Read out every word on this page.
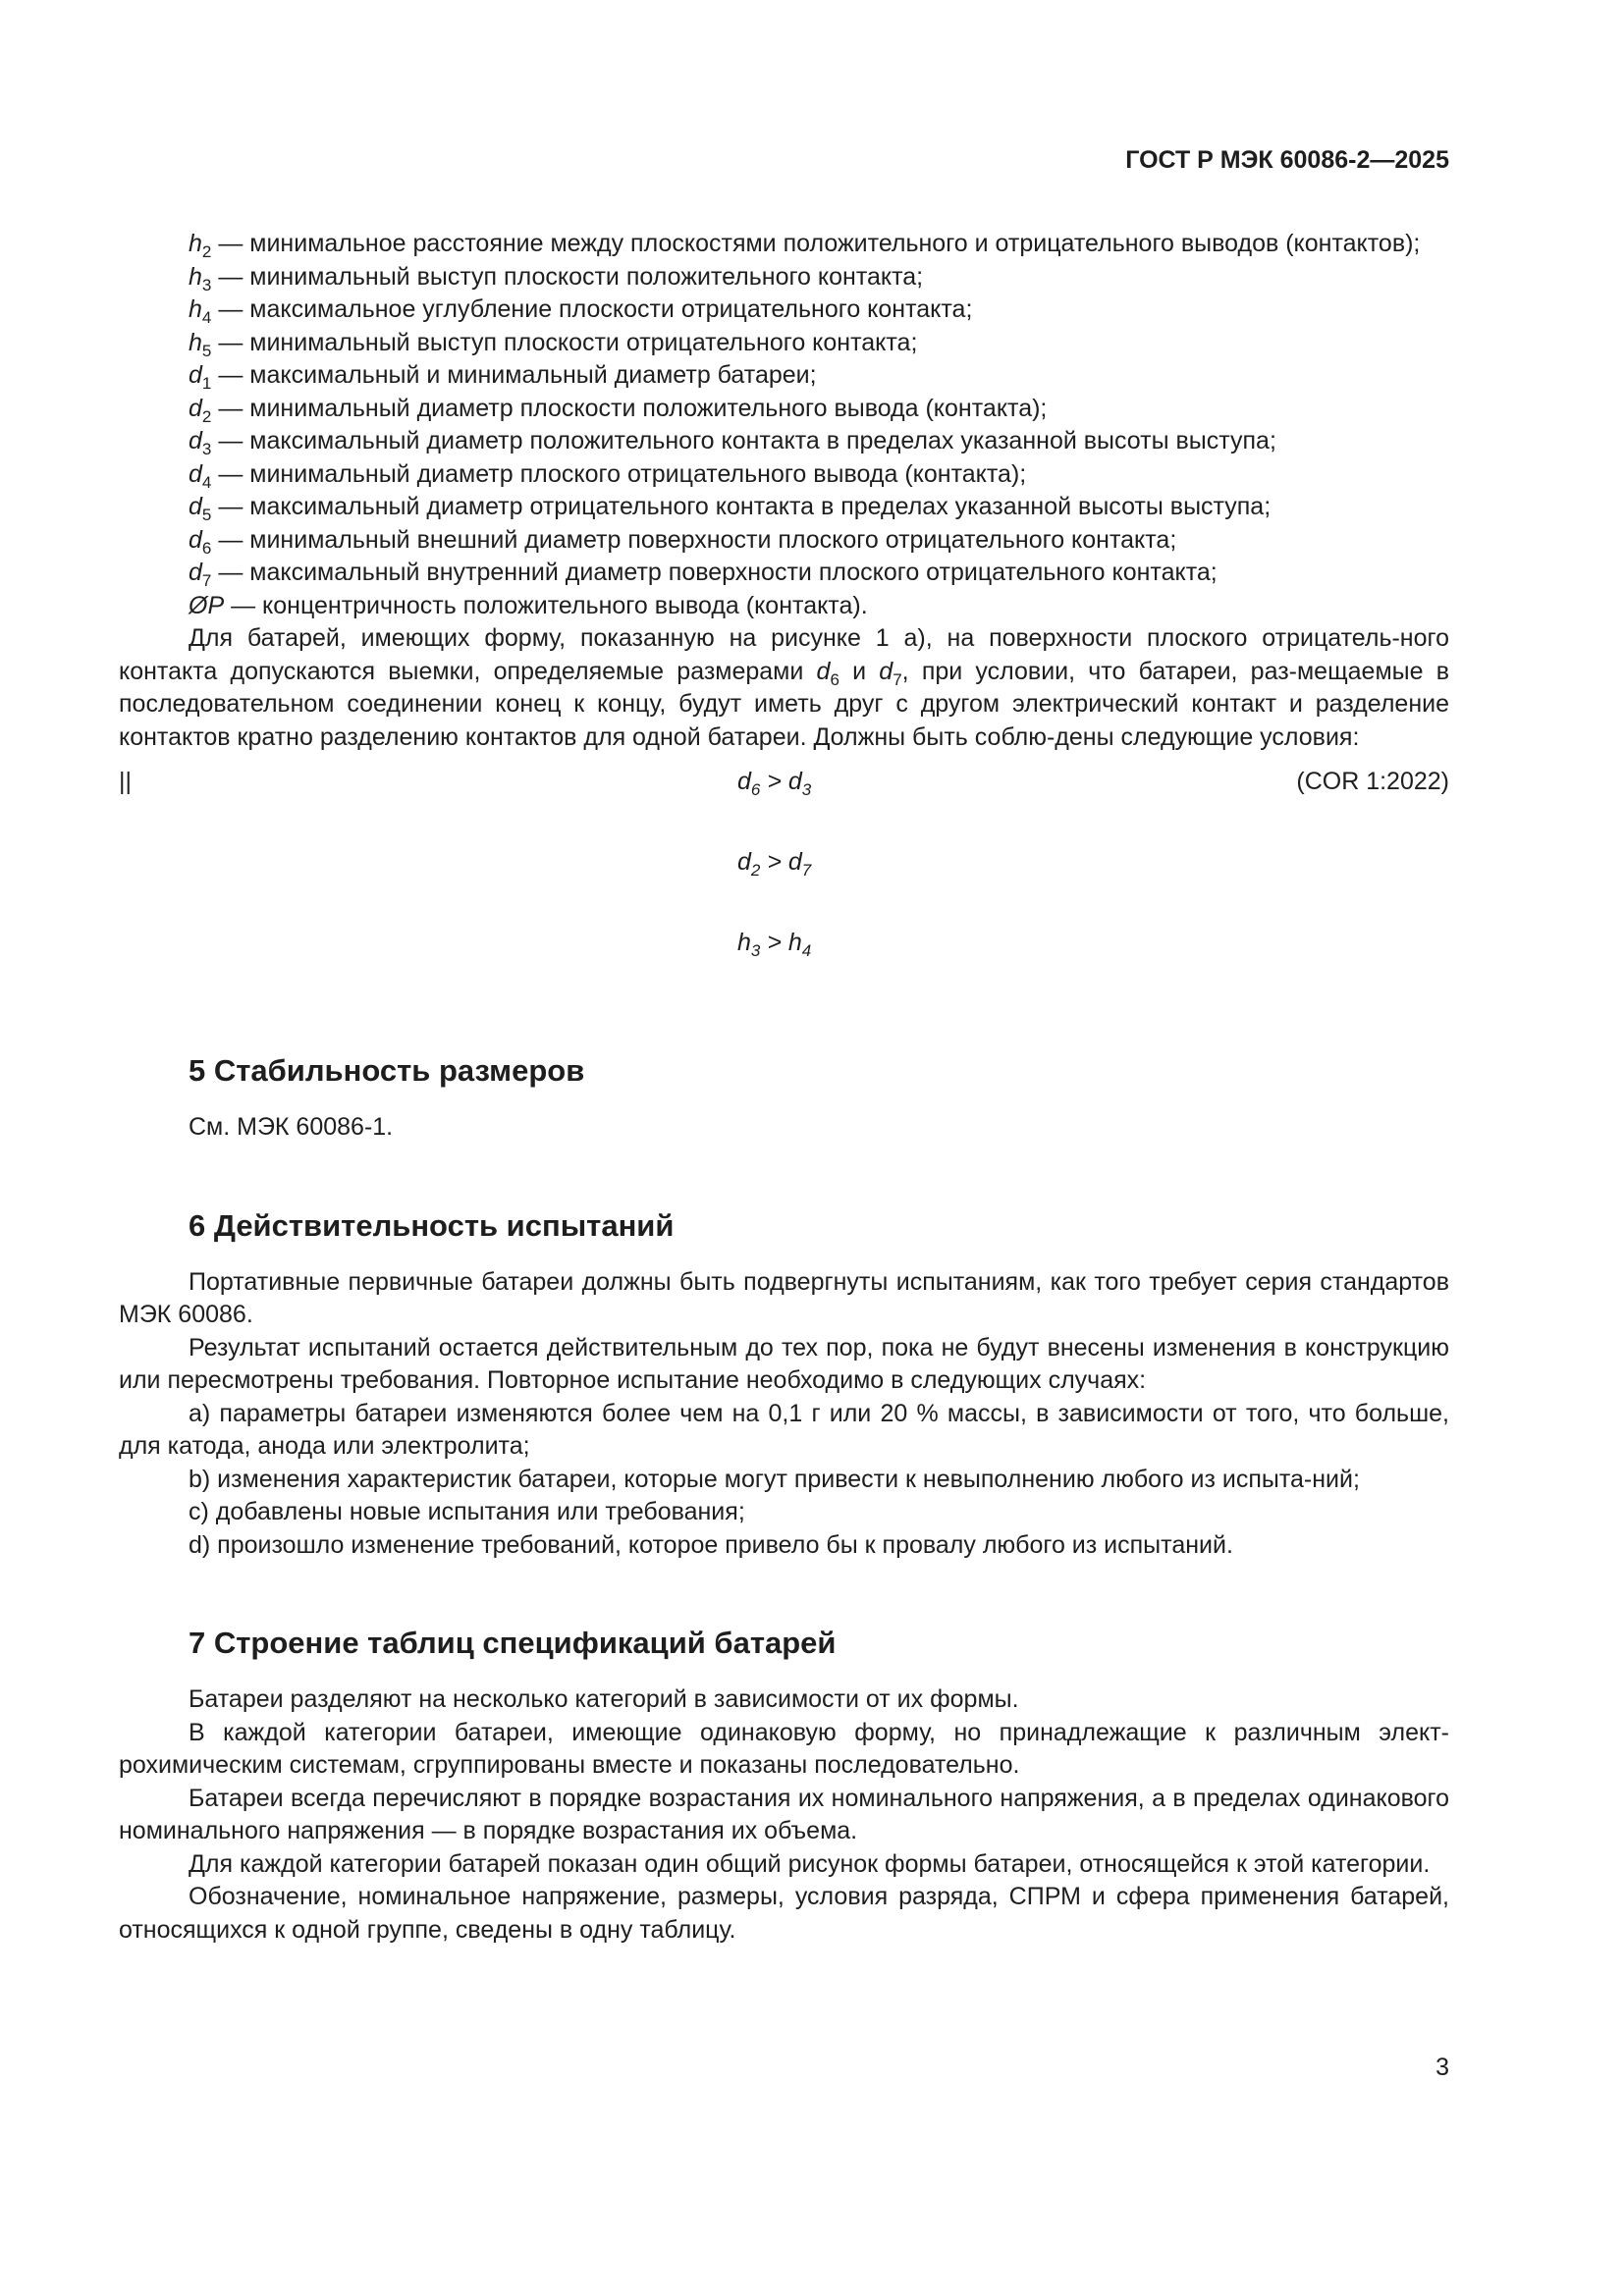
ГОСТ Р МЭК 60086-2—2025

$h_2$ — минимальное расстояние между плоскостями положительного и отрицательного выводов (контактов);

$h_3$ — минимальный выступ плоскости положительного контакта;

$h_4$ — максимальное углубление плоскости отрицательного контакта;

$h_5$ — минимальный выступ плоскости отрицательного контакта;

$d_1$ — максимальный и минимальный диаметр батареи;

$d_2$ — минимальный диаметр плоскости положительного вывода (контакта);

$d_3$ — максимальный диаметр положительного контакта в пределах указанной высоты выступа;

$d_4$ — минимальный диаметр плоского отрицательного вывода (контакта);

$d_5$ — максимальный диаметр отрицательного контакта в пределах указанной высоты выступа;

$d_6$ — минимальный внешний диаметр поверхности плоского отрицательного контакта;

$d_7$ — максимальный внутренний диаметр поверхности плоского отрицательного контакта;

ØP — концентричность положительного вывода (контакта).

Для батарей, имеющих форму, показанную на рисунке 1 а), на поверхности плоского отрицатель-ного контакта допускаются выемки, определяемые размерами $d_6$ и $d_7$, при условии, что батареи, раз-мещаемые в последовательном соединении конец к концу, будут иметь друг с другом электрический контакт и разделение контактов кратно разделению контактов для одной батареи. Должны быть соблю-дены следующие условия:

||	$d_6 > d_3$	(COR 1:2022)
$d_2 > d_7$
$h_3 > h_4$
5 Стабильность размеров

См. МЭК 60086-1.

6 Действительность испытаний

Портативные первичные батареи должны быть подвергнуты испытаниям, как того требует серия стандартов МЭК 60086.

Результат испытаний остается действительным до тех пор, пока не будут внесены изменения в конструкцию или пересмотрены требования. Повторное испытание необходимо в следующих случаях:

a) параметры батареи изменяются более чем на 0,1 г или 20 % массы, в зависимости от того, что больше, для катода, анода или электролита;

b) изменения характеристик батареи, которые могут привести к невыполнению любого из испыта-ний;

c) добавлены новые испытания или требования;

d) произошло изменение требований, которое привело бы к провалу любого из испытаний.

7 Строение таблиц спецификаций батарей

Батареи разделяют на несколько категорий в зависимости от их формы.

В каждой категории батареи, имеющие одинаковую форму, но принадлежащие к различным элект-рохимическим системам, сгруппированы вместе и показаны последовательно.

Батареи всегда перечисляют в порядке возрастания их номинального напряжения, а в пределах одинакового номинального напряжения — в порядке возрастания их объема.

Для каждой категории батарей показан один общий рисунок формы батареи, относящейся к этой категории.

Обозначение, номинальное напряжение, размеры, условия разряда, СПРМ и сфера применения батарей, относящихся к одной группе, сведены в одну таблицу.

3
